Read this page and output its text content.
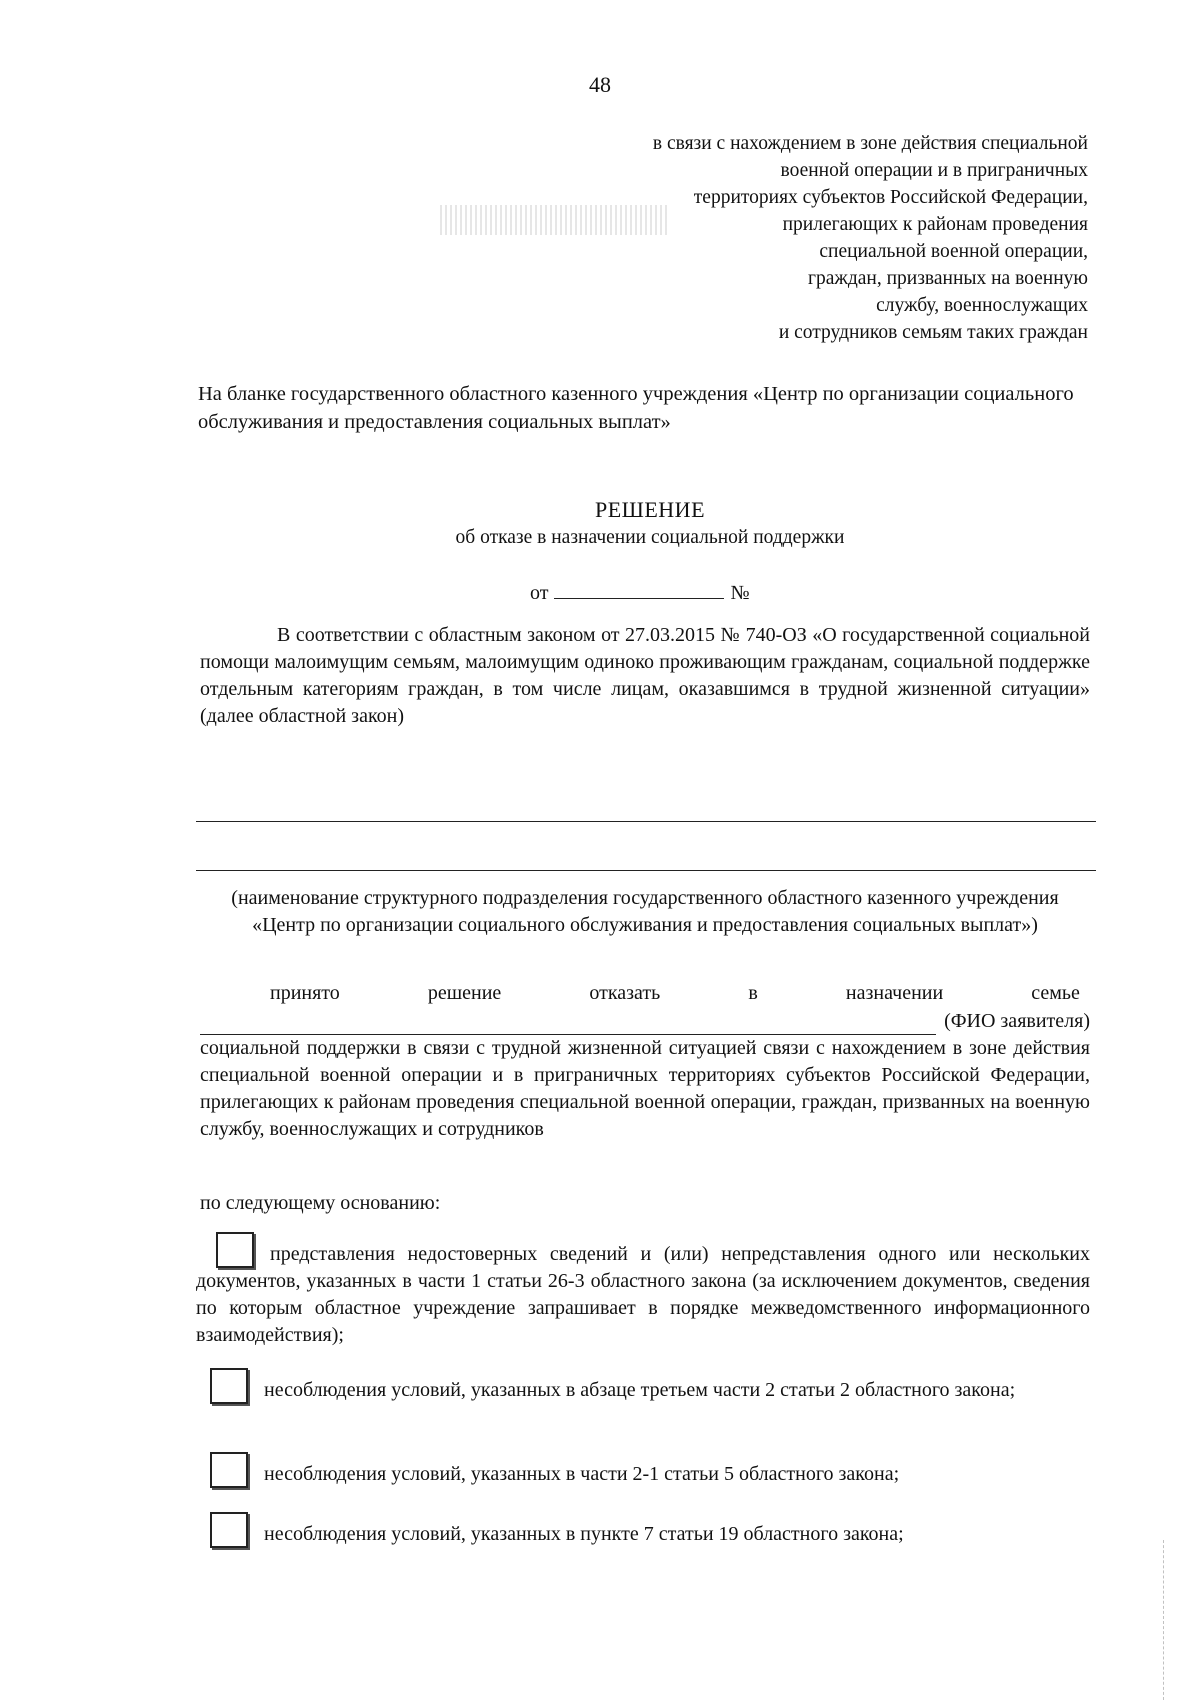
48
в связи с нахождением в зоне действия специальной
военной операции и в приграничных
территориях субъектов Российской Федерации,
прилегающих к районам проведения
специальной военной операции,
граждан, призванных на военную
службу, военнослужащих
и сотрудников семьям таких граждан
На бланке государственного областного казенного учреждения «Центр по организации социального обслуживания и предоставления социальных выплат»
РЕШЕНИЕ
об отказе в назначении социальной поддержки
от	№
В соответствии с областным законом от 27.03.2015 № 740-ОЗ «О государственной социальной помощи малоимущим семьям, малоимущим одиноко проживающим гражданам, социальной поддержке отдельным категориям граждан, в том числе лицам, оказавшимся в трудной жизненной ситуации» (далее областной закон)
(наименование структурного подразделения государственного областного казенного учреждения «Центр по организации социального обслуживания и предоставления социальных выплат»)
принято	решение	отказать	в	назначении	семье
(ФИО заявителя)
социальной поддержки в связи с трудной жизненной ситуацией связи с нахождением в зоне действия специальной военной операции и в приграничных территориях субъектов Российской Федерации, прилегающих к районам проведения специальной военной операции, граждан, призванных на военную службу, военнослужащих и сотрудников
по следующему основанию:
представления недостоверных сведений и (или) непредставления одного или нескольких документов, указанных в части 1 статьи 26-3 областного закона (за исключением документов, сведения по которым областное учреждение запрашивает в порядке межведомственного информационного взаимодействия);
несоблюдения условий, указанных в абзаце третьем части 2 статьи 2 областного закона;
несоблюдения условий, указанных в части 2-1 статьи 5 областного закона;
несоблюдения условий, указанных в пункте 7 статьи 19 областного закона;
